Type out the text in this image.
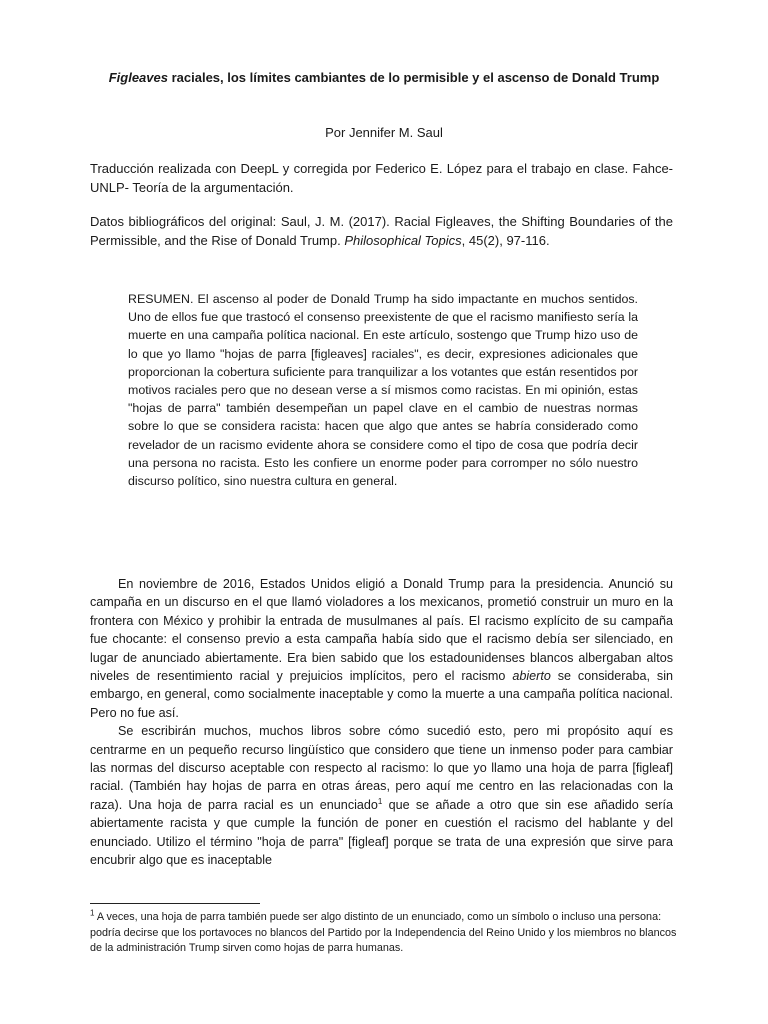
Figleaves raciales, los límites cambiantes de lo permisible y el ascenso de Donald Trump

Por Jennifer M. Saul

Traducción realizada con DeepL y corregida por Federico E. López para el trabajo en clase. Fahce-UNLP- Teoría de la argumentación.

Datos bibliográficos del original: Saul, J. M. (2017). Racial Figleaves, the Shifting Boundaries of the Permissible, and the Rise of Donald Trump. Philosophical Topics, 45(2), 97-116.

RESUMEN. El ascenso al poder de Donald Trump ha sido impactante en muchos sentidos. Uno de ellos fue que trastocó el consenso preexistente de que el racismo manifiesto sería la muerte en una campaña política nacional. En este artículo, sostengo que Trump hizo uso de lo que yo llamo "hojas de parra [figleaves] raciales", es decir, expresiones adicionales que proporcionan la cobertura suficiente para tranquilizar a los votantes que están resentidos por motivos raciales pero que no desean verse a sí mismos como racistas. En mi opinión, estas "hojas de parra" también desempeñan un papel clave en el cambio de nuestras normas sobre lo que se considera racista: hacen que algo que antes se habría considerado como revelador de un racismo evidente ahora se considere como el tipo de cosa que podría decir una persona no racista. Esto les confiere un enorme poder para corromper no sólo nuestro discurso político, sino nuestra cultura en general.

En noviembre de 2016, Estados Unidos eligió a Donald Trump para la presidencia. Anunció su campaña en un discurso en el que llamó violadores a los mexicanos, prometió construir un muro en la frontera con México y prohibir la entrada de musulmanes al país. El racismo explícito de su campaña fue chocante: el consenso previo a esta campaña había sido que el racismo debía ser silenciado, en lugar de anunciado abiertamente. Era bien sabido que los estadounidenses blancos albergaban altos niveles de resentimiento racial y prejuicios implícitos, pero el racismo abierto se consideraba, sin embargo, en general, como socialmente inaceptable y como la muerte a una campaña política nacional. Pero no fue así.

Se escribirán muchos, muchos libros sobre cómo sucedió esto, pero mi propósito aquí es centrarme en un pequeño recurso lingüístico que considero que tiene un inmenso poder para cambiar las normas del discurso aceptable con respecto al racismo: lo que yo llamo una hoja de parra [figleaf] racial. (También hay hojas de parra en otras áreas, pero aquí me centro en las relacionadas con la raza). Una hoja de parra racial es un enunciado$^1$ que se añade a otro que sin ese añadido sería abiertamente racista y que cumple la función de poner en cuestión el racismo del hablante y del enunciado. Utilizo el término "hoja de parra" [figleaf] porque se trata de una expresión que sirve para encubrir algo que es inaceptable

$^1$ A veces, una hoja de parra también puede ser algo distinto de un enunciado, como un símbolo o incluso una persona: podría decirse que los portavoces no blancos del Partido por la Independencia del Reino Unido y los miembros no blancos de la administración Trump sirven como hojas de parra humanas.
